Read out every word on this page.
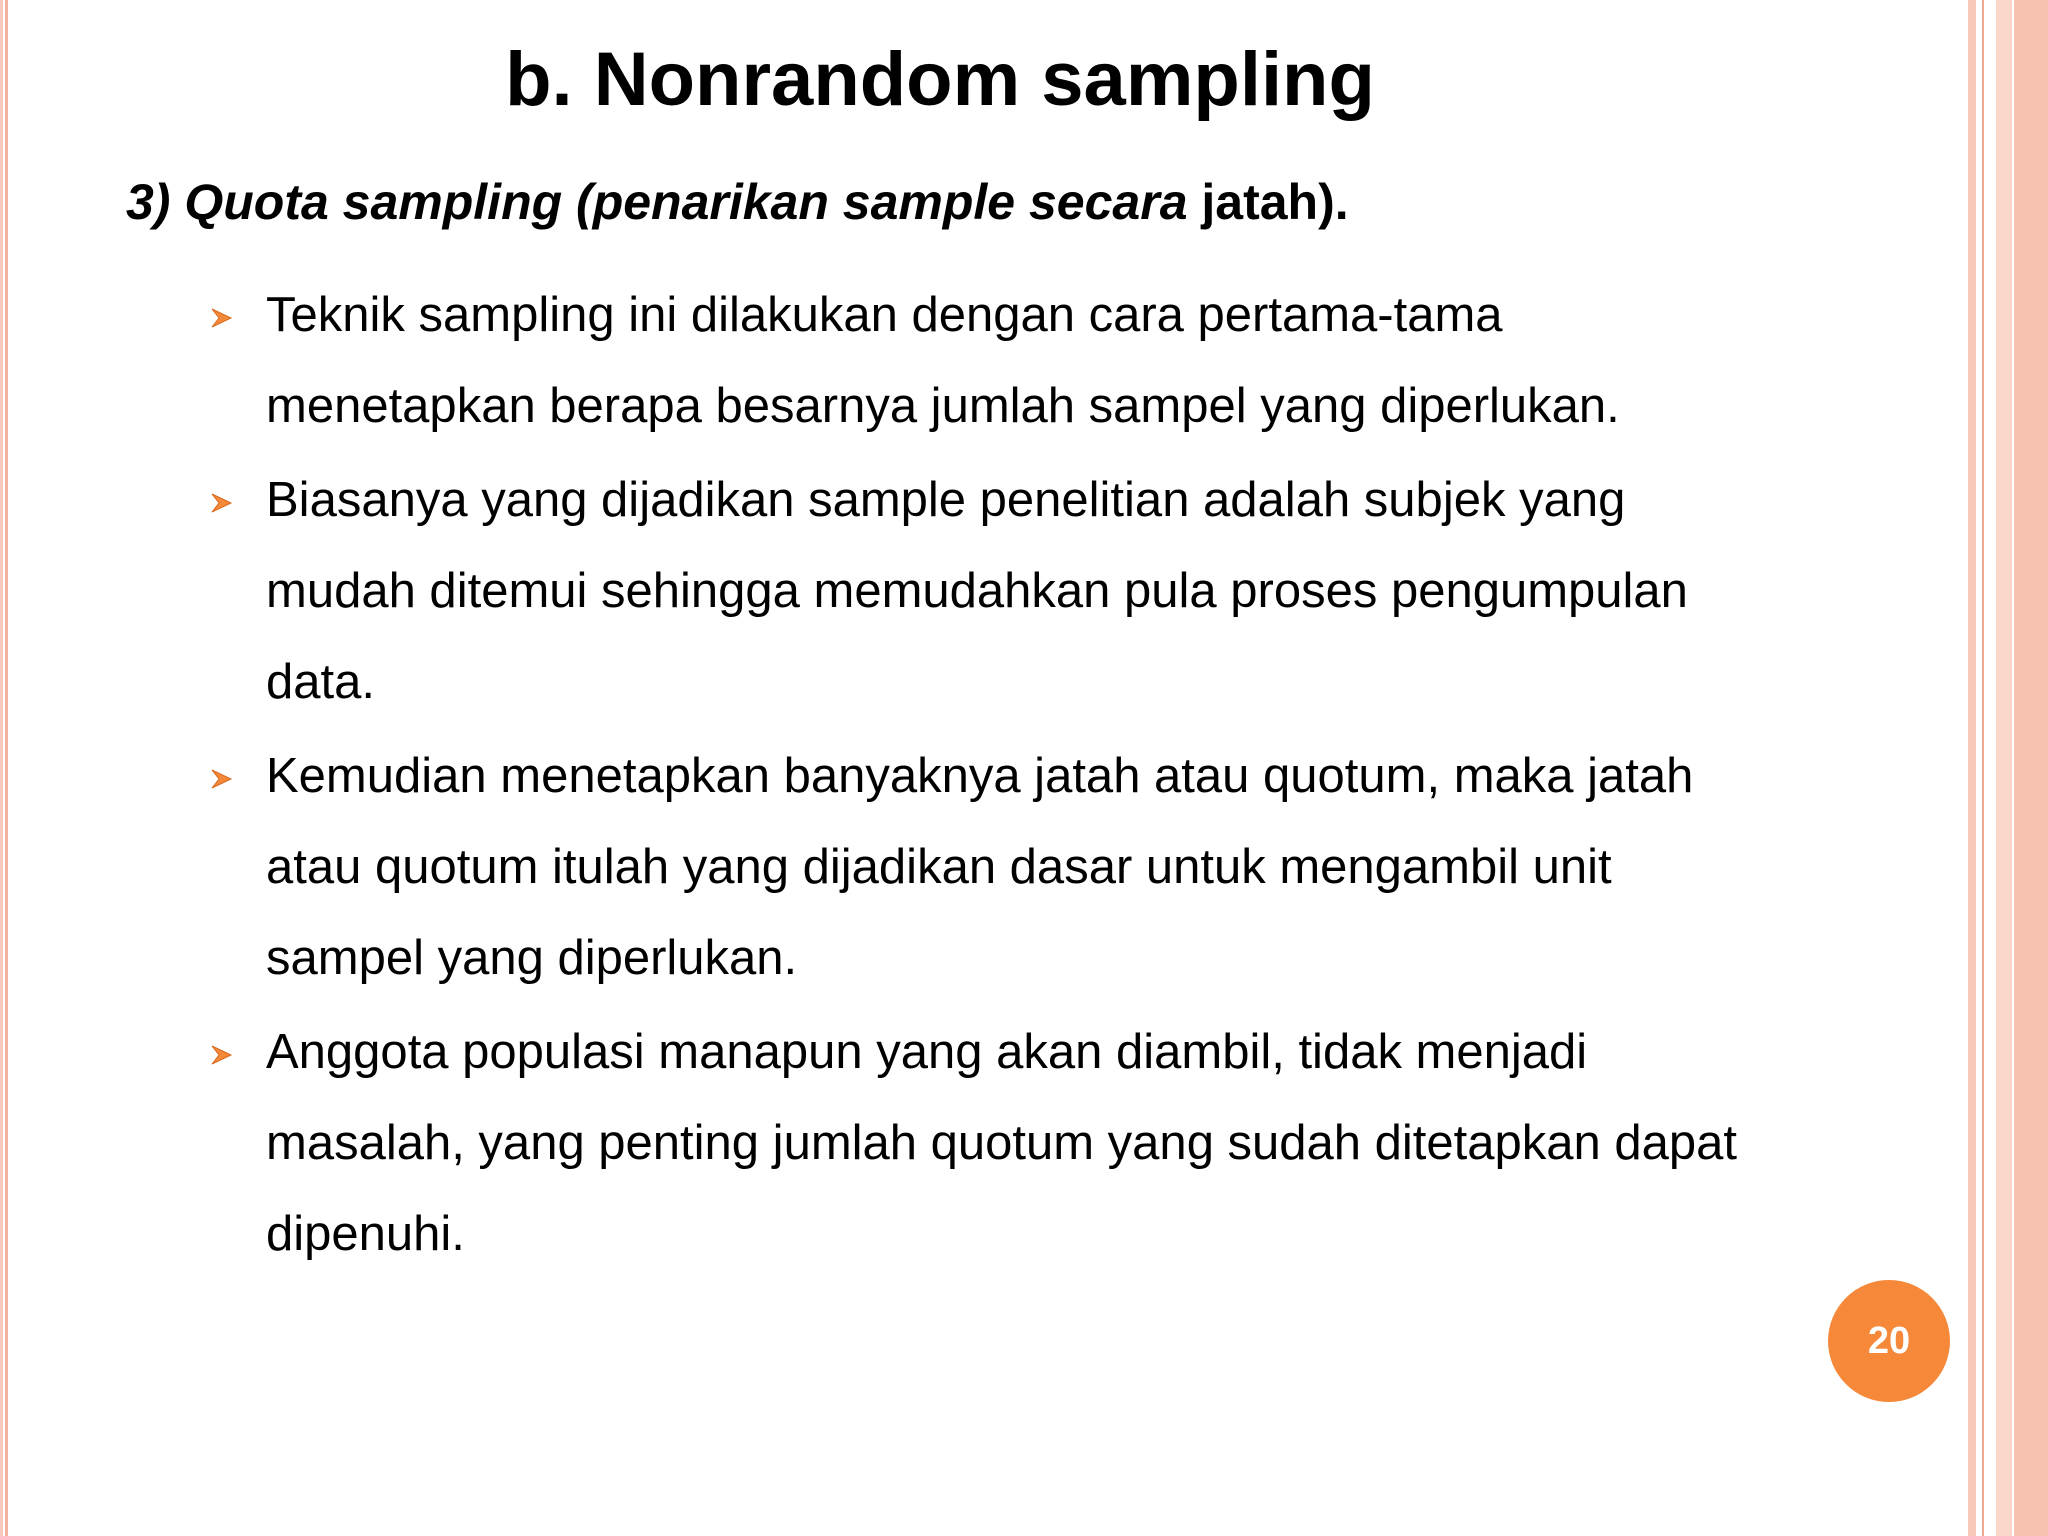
b. Nonrandom sampling
3) Quota sampling (penarikan sample secara jatah).
Teknik sampling ini dilakukan dengan cara pertama-tama menetapkan berapa besarnya jumlah sampel yang diperlukan.
Biasanya yang dijadikan sample penelitian adalah subjek yang mudah ditemui sehingga memudahkan pula proses pengumpulan data.
Kemudian menetapkan banyaknya jatah atau quotum, maka jatah atau quotum itulah yang dijadikan dasar untuk mengambil unit sampel yang diperlukan.
Anggota populasi manapun yang akan diambil, tidak menjadi masalah, yang penting jumlah quotum yang sudah ditetapkan dapat dipenuhi.
20
